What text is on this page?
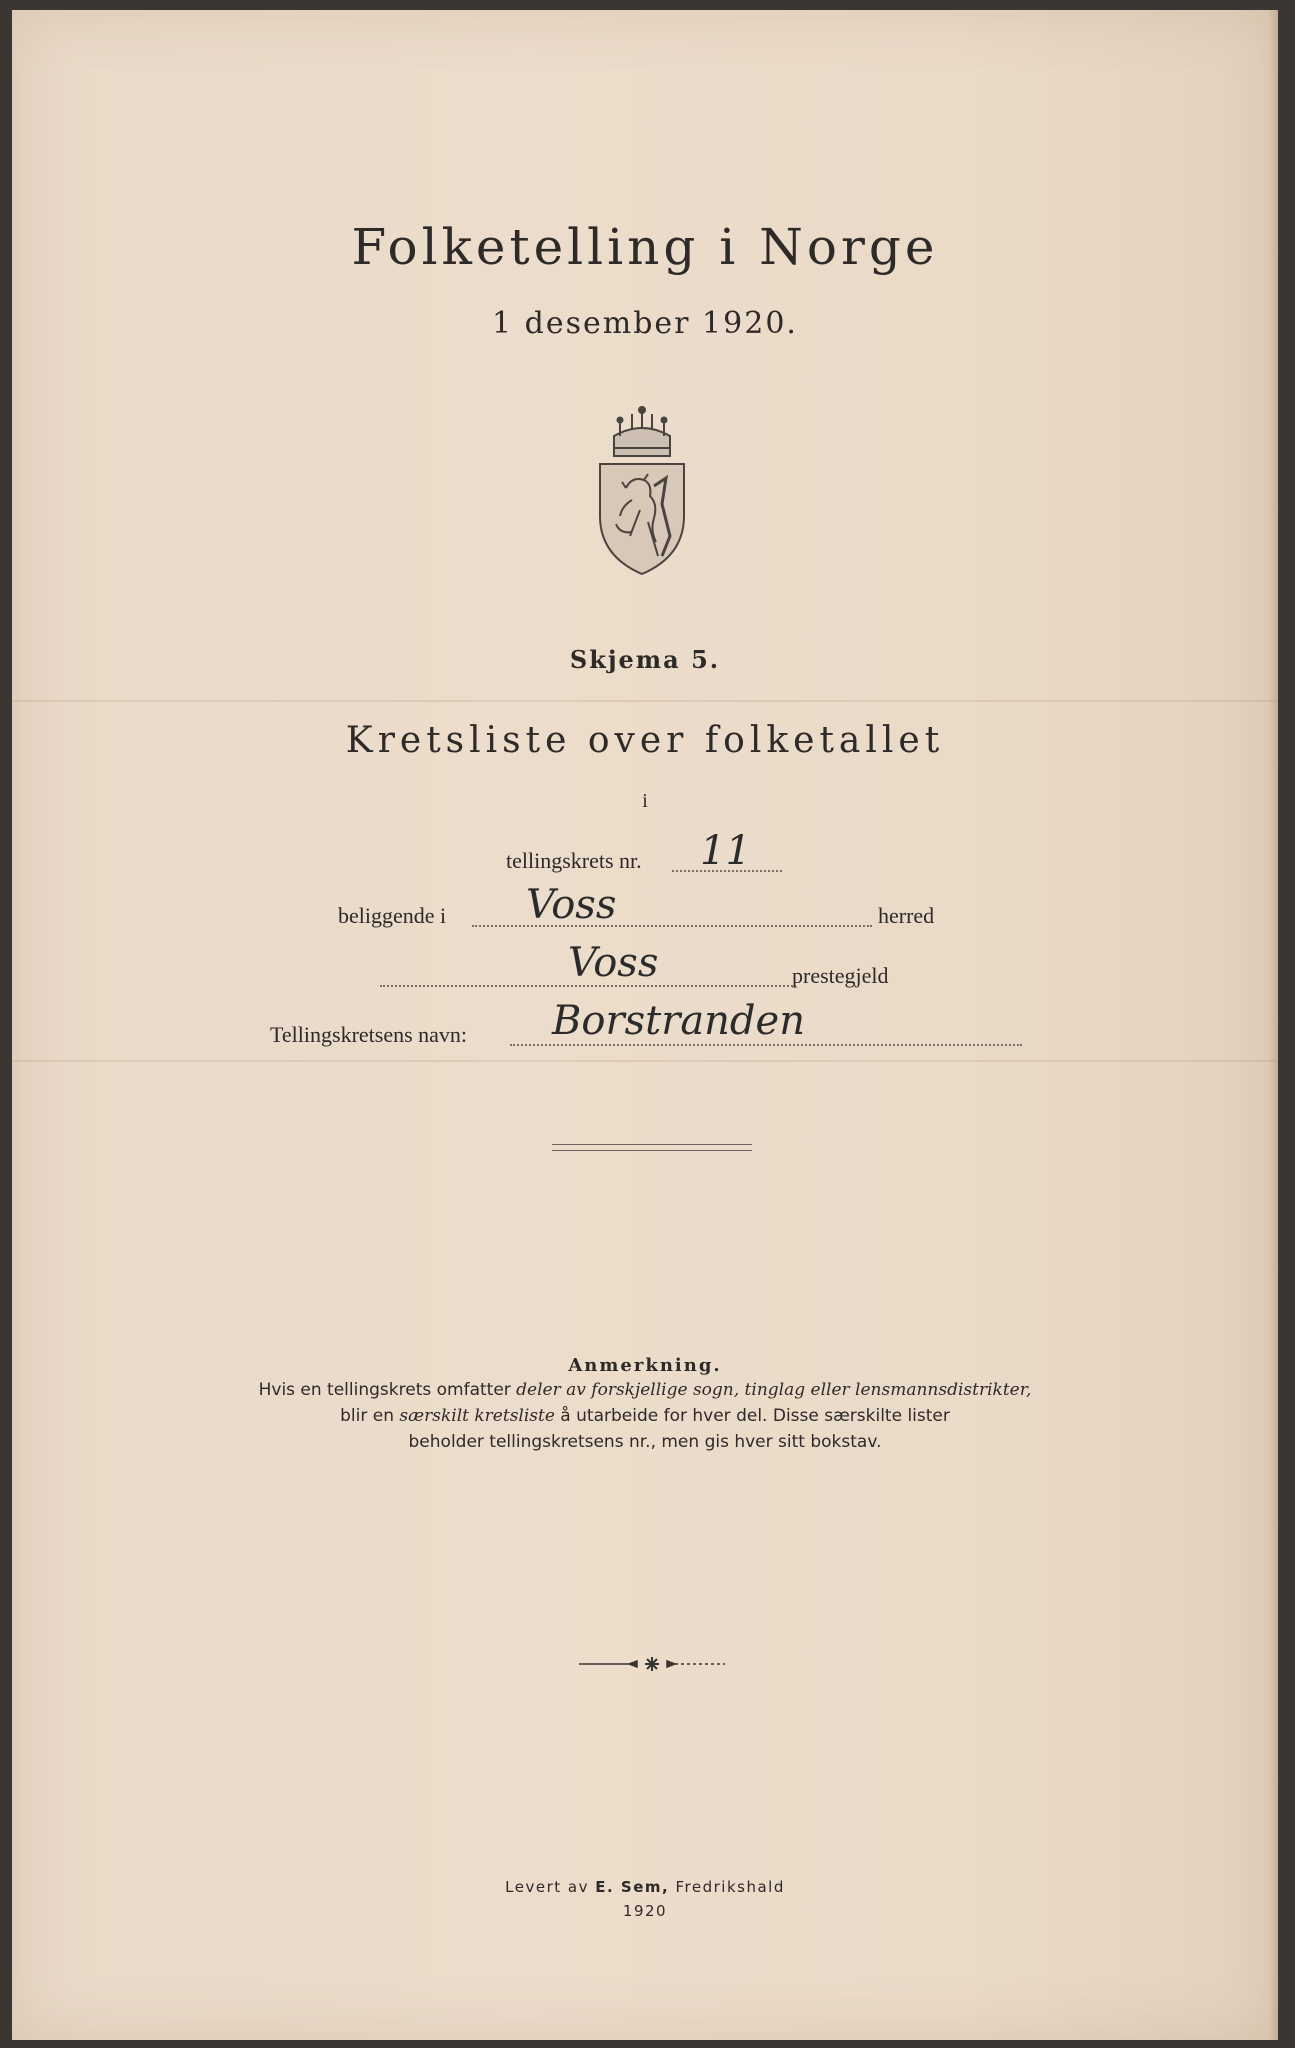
Folketelling i Norge
1 desember 1920.
Skjema 5.
Kretsliste over folketallet
i
tellingskrets nr. 11
beliggende i Voss	herred
Voss	prestegjeld
Tellingskretsens navn: Borstranden
Anmerkning.
Hvis en tellingskrets omfatter deler av forskjellige sogn, tinglag eller lensmannsdistrikter,
blir en særskilt kretsliste å utarbeide for hver del. Disse særskilte lister
beholder tellingskretsens nr., men gis hver sitt bokstav.
Levert av E. Sem, Fredrikshald
1920
